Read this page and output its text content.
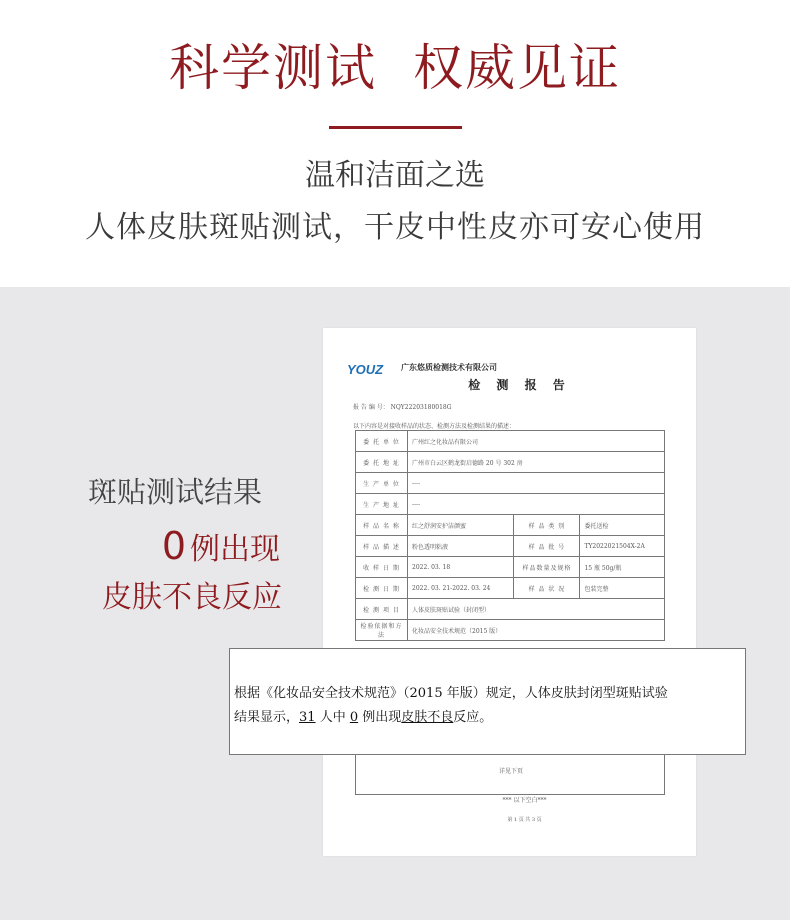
科学测试 权威见证
温和洁面之选
人体皮肤斑贴测试，干皮中性皮亦可安心使用
斑贴测试结果
0 例出现
皮肤不良反应
YOUZ 广东悠质检测技术有限公司
检 测 报 告
报 告 编 号： NQY22203180018G
以下内容是对接收样品的状态、检测方法及检测结果的描述：
委 托 单 位	广州红之化妆品有限公司		
委 托 地 址	广州市白云区鹤龙街启德路 20 号 302 房		
生 产 单 位	----		
生 产 地 址	----		
样 品 名 称	红之舒润安护洁颜蜜	样 品 类 别	委托送检
样 品 描 述	粉色透明粘液	样 品 批 号	TY2022021504X-2A
收 样 日 期	2022. 03. 18	样品数量及规格	15 瓶 50g/瓶
检 测 日 期	2022. 03. 21-2022. 03. 24	样 品 状 况	包装完整
检 测 项 目	人体皮肤斑贴试验（封闭型）		
检验依据和方法	化妆品安全技术规范（2015 版）		
详见下页
*** 以下空白***
第 1 页 共 3 页

根据《化妆品安全技术规范》（2015 年版）规定，人体皮肤封闭型斑贴试验

结果显示，31 人中 0 例出现皮肤不良反应。
